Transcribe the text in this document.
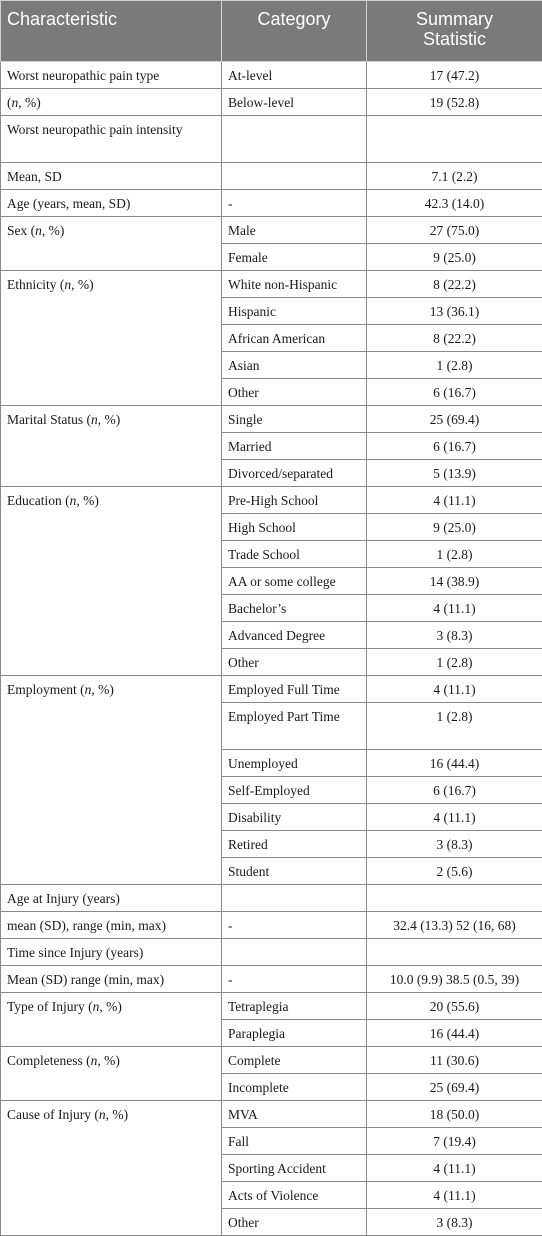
Characteristic	Category	Summary
Statistic
Worst neuropathic pain type	At-level	17 (47.2)
(n, %)	Below-level	19 (52.8)
Worst neuropathic pain intensity		
Mean, SD		7.1 (2.2)
Age (years, mean, SD)	-	42.3 (14.0)
Sex (n, %)	Male	27 (75.0)
	Female	9 (25.0)
Ethnicity (n, %)	White non-Hispanic	8 (22.2)
	Hispanic	13 (36.1)
	African American	8 (22.2)
	Asian	1 (2.8)
	Other	6 (16.7)
Marital Status (n, %)	Single	25 (69.4)
	Married	6 (16.7)
	Divorced/separated	5 (13.9)
Education (n, %)	Pre-High School	4 (11.1)
	High School	9 (25.0)
	Trade School	1 (2.8)
	AA or some college	14 (38.9)
	Bachelor’s	4 (11.1)
	Advanced Degree	3 (8.3)
	Other	1 (2.8)
Employment (n, %)	Employed Full Time	4 (11.1)
	Employed Part Time	1 (2.8)
	Unemployed	16 (44.4)
	Self-Employed	6 (16.7)
	Disability	4 (11.1)
	Retired	3 (8.3)
	Student	2 (5.6)
Age at Injury (years)		
mean (SD), range (min, max)	-	32.4 (13.3) 52 (16, 68)
Time since Injury (years)		
Mean (SD) range (min, max)	-	10.0 (9.9) 38.5 (0.5, 39)
Type of Injury (n, %)	Tetraplegia	20 (55.6)
	Paraplegia	16 (44.4)
Completeness (n, %)	Complete	11 (30.6)
	Incomplete	25 (69.4)
Cause of Injury (n, %)	MVA	18 (50.0)
	Fall	7 (19.4)
	Sporting Accident	4 (11.1)
	Acts of Violence	4 (11.1)
	Other	3 (8.3)
